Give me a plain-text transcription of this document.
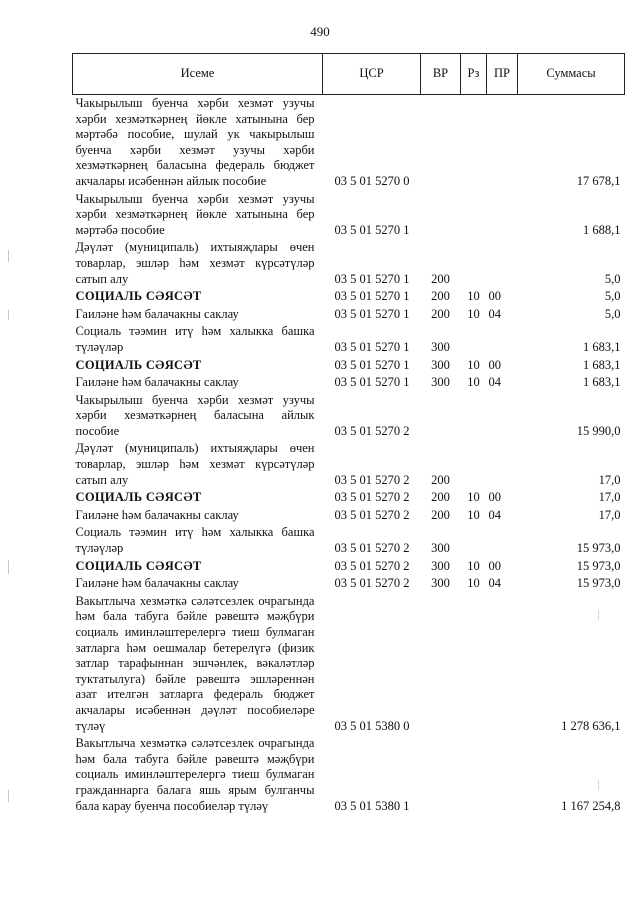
490
Исеме	ЦСР	ВР	Рз	ПР	Суммасы
Чакырылыш буенча хәрби хезмәт узучы хәрби хезмәткәрнең йөкле хатынына бер мәртәбә пособие, шулай ук чакырылыш буенча хәрби хезмәт узучы хәрби хезмәткәрнең баласына федераль бюджет акчалары исәбеннән айлык пособие	03 5 01 5270 0				17 678,1
Чакырылыш буенча хәрби хезмәт узучы хәрби хезмәткәрнең йөкле хатынына бер мәртәбә пособие	03 5 01 5270 1				1 688,1
Дәүләт (муниципаль) ихтыяҗлары өчен товарлар, эшләр һәм хезмәт күрсәтүләр сатып алу	03 5 01 5270 1	200			5,0
СОЦИАЛЬ СӘЯСӘТ	03 5 01 5270 1	200	10	00	5,0
Гаиләне һәм балачакны саклау	03 5 01 5270 1	200	10	04	5,0
Социаль тәэмин итү һәм халыкка башка түләүләр	03 5 01 5270 1	300			1 683,1
СОЦИАЛЬ СӘЯСӘТ	03 5 01 5270 1	300	10	00	1 683,1
Гаиләне һәм балачакны саклау	03 5 01 5270 1	300	10	04	1 683,1
Чакырылыш буенча хәрби хезмәт узучы хәрби хезмәткәрнең баласына айлык пособие	03 5 01 5270 2				15 990,0
Дәүләт (муниципаль) ихтыяҗлары өчен товарлар, эшләр һәм хезмәт күрсәтүләр сатып алу	03 5 01 5270 2	200			17,0
СОЦИАЛЬ СӘЯСӘТ	03 5 01 5270 2	200	10	00	17,0
Гаиләне һәм балачакны саклау	03 5 01 5270 2	200	10	04	17,0
Социаль тәэмин итү һәм халыкка башка түләүләр	03 5 01 5270 2	300			15 973,0
СОЦИАЛЬ СӘЯСӘТ	03 5 01 5270 2	300	10	00	15 973,0
Гаиләне һәм балачакны саклау	03 5 01 5270 2	300	10	04	15 973,0
Вакытлыча хезмәткә сәләтсезлек очрагында һәм бала табуга бәйле рәвештә мәҗбүри социаль иминләштерелергә тиеш булмаган затларга һәм оешмалар бетерелүгә (физик затлар тарафыннан эшчәнлек, вәкаләтләр туктатылуга) бәйле рәвештә эшләреннән азат ителгән затларга федераль бюджет акчалары исәбеннән дәүләт пособиеләре түләү	03 5 01 5380 0				1 278 636,1
Вакытлыча хезмәткә сәләтсезлек очрагында һәм бала табуга бәйле рәвештә мәҗбүри социаль иминләштерелергә тиеш булмаган гражданнарга балага яшь ярым булганчы бала карау буенча пособиеләр түләү	03 5 01 5380 1				1 167 254,8
